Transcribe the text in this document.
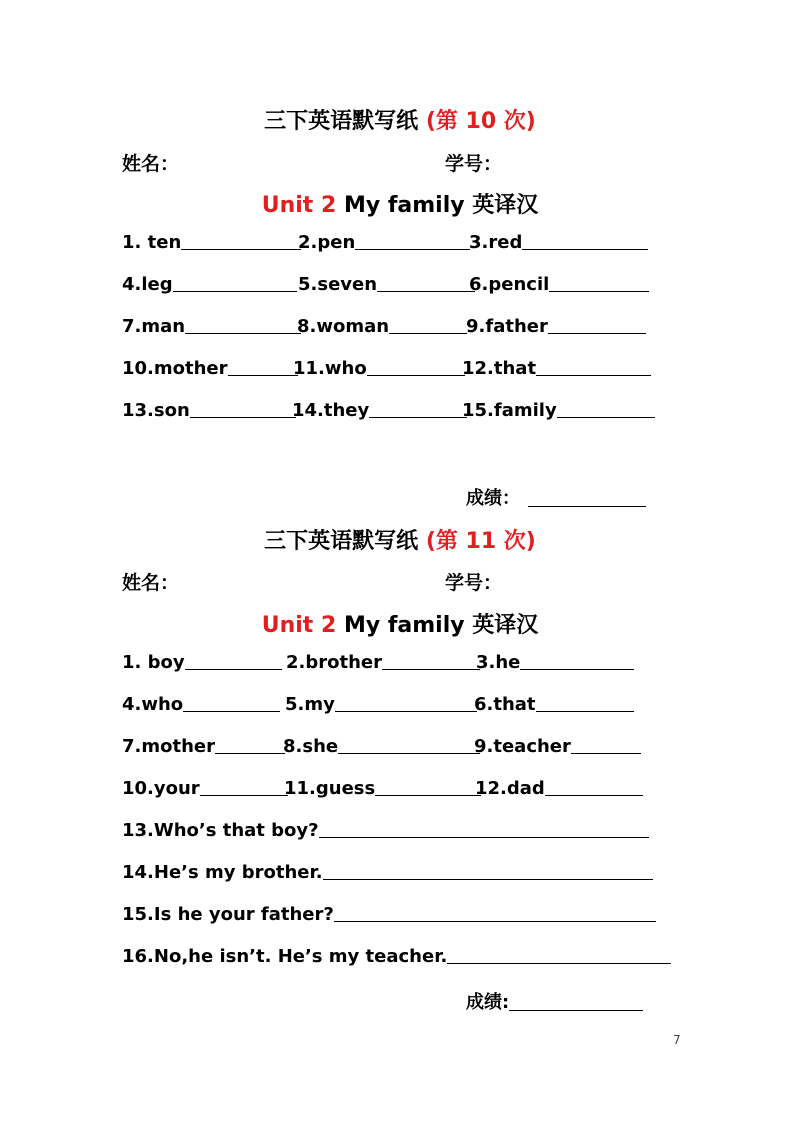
三下英语默写纸 (第 10 次)
姓名：	学号：
Unit 2 My family 英译汉
1. ten	2.pen	3.red
4.leg	5.seven	6.pencil
7.man	8.woman	9.father
10.mother	11.who	12.that
13.son	14.they	15.family
成绩：
三下英语默写纸 (第 11 次)
姓名：	学号：
Unit 2 My family 英译汉
1. boy	2.brother	3.he
4.who	5.my	6.that
7.mother	8.she	9.teacher
10.your	11.guess	12.dad
13.Who’s that boy?
14.He’s my brother.
15.Is he your father?
16.No,he isn’t. He’s my teacher.
成绩:
7
